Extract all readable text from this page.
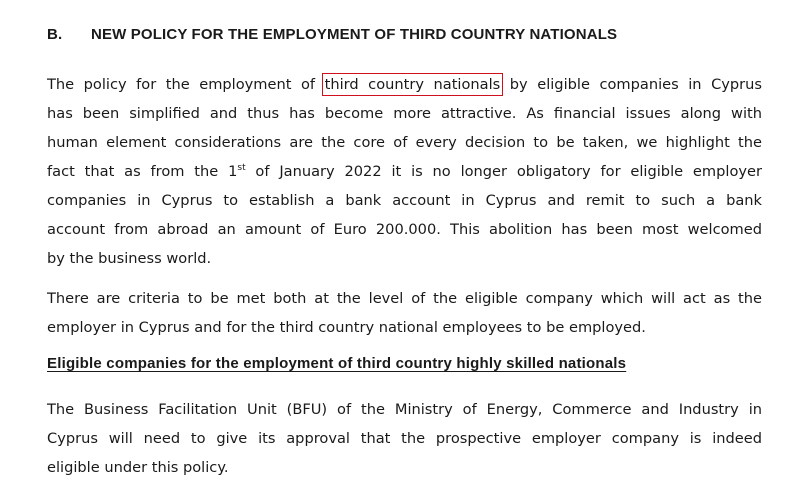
B. NEW POLICY FOR THE EMPLOYMENT OF THIRD COUNTRY NATIONALS

The policy for the employment of third country nationals by eligible companies in Cyprus
has been simplified and thus has become more attractive. As financial issues along with
human element considerations are the core of every decision to be taken, we highlight the
fact that as from the 1st of January 2022 it is no longer obligatory for eligible employer
companies in Cyprus to establish a bank account in Cyprus and remit to such a bank
account from abroad an amount of Euro 200.000. This abolition has been most welcomed
by the business world.

There are criteria to be met both at the level of the eligible company which will act as the
employer in Cyprus and for the third country national employees to be employed.

Eligible companies for the employment of third country highly skilled nationals

The Business Facilitation Unit (BFU) of the Ministry of Energy, Commerce and Industry in
Cyprus will need to give its approval that the prospective employer company is indeed
eligible under this policy.
